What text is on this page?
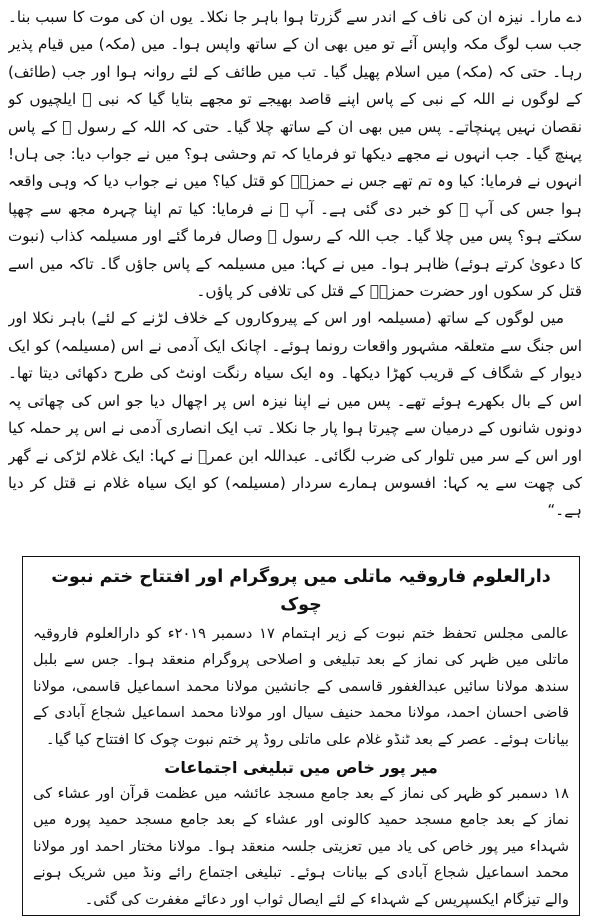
دے مارا۔ نیزہ ان کی ناف کے اندر سے گزرتا ہوا باہر جا نکلا۔ یوں ان کی موت کا سبب بنا۔ جب سب لوگ مکہ واپس آئے تو میں بھی ان کے ساتھ واپس ہوا۔ میں (مکہ) میں قیام پذیر رہا۔ حتی کہ (مکہ) میں اسلام پھیل گیا۔ تب میں طائف کے لئے روانہ ہوا اور جب (طائف) کے لوگوں نے اللہ کے نبی کے پاس اپنے قاصد بھیجے تو مجھے بتایا گیا کہ نبی ﷺ ایلچیوں کو نقصان نہیں پہنچاتے۔ پس میں بھی ان کے ساتھ چلا گیا۔ حتی کہ اللہ کے رسول ﷺ کے پاس پہنچ گیا۔ جب انہوں نے مجھے دیکھا تو فرمایا کہ تم وحشی ہو؟ میں نے جواب دیا: جی ہاں! انہوں نے فرمایا: کیا وہ تم تھے جس نے حمزہؓ کو قتل کیا؟ میں نے جواب دیا کہ وہی واقعہ ہوا جس کی آپ ﷺ کو خبر دی گئی ہے۔ آپ ﷺ نے فرمایا: کیا تم اپنا چہرہ مجھ سے چھپا سکتے ہو؟ پس میں چلا گیا۔ جب اللہ کے رسول ﷺ وصال فرما گئے اور مسیلمہ کذاب (نبوت کا دعویٰ کرتے ہوئے) ظاہر ہوا۔ میں نے کہا: میں مسیلمہ کے پاس جاؤں گا۔ تاکہ میں اسے قتل کر سکوں اور حضرت حمزہؓ کے قتل کی تلافی کر پاؤں۔

میں لوگوں کے ساتھ (مسیلمہ اور اس کے پیروکاروں کے خلاف لڑنے کے لئے) باہر نکلا اور اس جنگ سے متعلقہ مشہور واقعات رونما ہوئے۔ اچانک ایک آدمی نے اس (مسیلمہ) کو ایک دیوار کے شگاف کے قریب کھڑا دیکھا۔ وہ ایک سیاہ رنگت اونٹ کی طرح دکھائی دیتا تھا۔ اس کے بال بکھرے ہوئے تھے۔ پس میں نے اپنا نیزہ اس پر اچھال دیا جو اس کی چھاتی پہ دونوں شانوں کے درمیان سے چیرتا ہوا پار جا نکلا۔ تب ایک انصاری آدمی نے اس پر حملہ کیا اور اس کے سر میں تلوار کی ضرب لگائی۔ عبداللہ ابن عمرؓ نے کہا: ایک غلام لڑکی نے گھر کی چھت سے یہ کہا: افسوس ہمارے سردار (مسیلمہ) کو ایک سیاہ غلام نے قتل کر دیا ہے۔“

دارالعلوم فاروقیہ ماتلی میں پروگرام اور افتتاح ختم نبوت چوک

عالمی مجلس تحفظ ختم نبوت کے زیر اہتمام ۱۷ دسمبر ۲۰۱۹ء کو دارالعلوم فاروقیہ ماتلی میں ظہر کی نماز کے بعد تبلیغی و اصلاحی پروگرام منعقد ہوا۔ جس سے بلبل سندھ مولانا سائیں عبدالغفور قاسمی کے جانشین مولانا محمد اسماعیل قاسمی، مولانا قاضی احسان احمد، مولانا محمد حنیف سیال اور مولانا محمد اسماعیل شجاع آبادی کے بیانات ہوئے۔ عصر کے بعد ٹنڈو غلام علی ماتلی روڈ پر ختم نبوت چوک کا افتتاح کیا گیا۔

میر پور خاص میں تبلیغی اجتماعات

۱۸ دسمبر کو ظہر کی نماز کے بعد جامع مسجد عائشہ میں عظمت قرآن اور عشاء کی نماز کے بعد جامع مسجد حمید کالونی اور عشاء کے بعد جامع مسجد حمید پورہ میں شہداء میر پور خاص کی یاد میں تعزیتی جلسہ منعقد ہوا۔ مولانا مختار احمد اور مولانا محمد اسماعیل شجاع آبادی کے بیانات ہوئے۔ تبلیغی اجتماع رائے ونڈ میں شریک ہونے والے تیزگام ایکسپریس کے شہداء کے لئے ایصال ثواب اور دعائے مغفرت کی گئی۔
